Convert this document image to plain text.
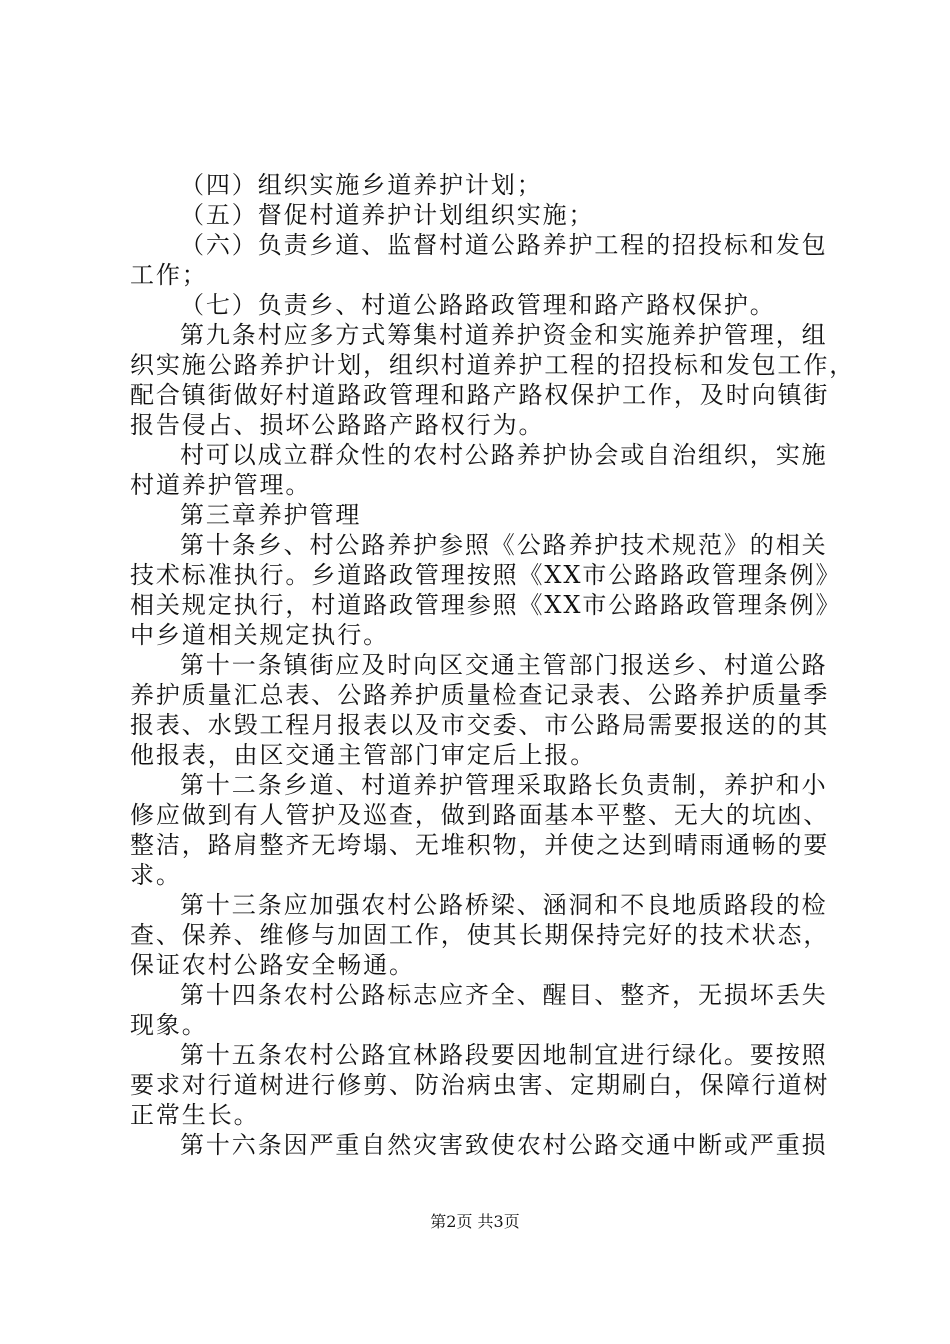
（四）组织实施乡道养护计划；
（五）督促村道养护计划组织实施；
（六）负责乡道、监督村道公路养护工程的招投标和发包
工作；
（七）负责乡、村道公路路政管理和路产路权保护。
第九条村应多方式筹集村道养护资金和实施养护管理，组
织实施公路养护计划，组织村道养护工程的招投标和发包工作，
配合镇街做好村道路政管理和路产路权保护工作，及时向镇街
报告侵占、损坏公路路产路权行为。
村可以成立群众性的农村公路养护协会或自治组织，实施
村道养护管理。
第三章养护管理
第十条乡、村公路养护参照《公路养护技术规范》的相关
技术标准执行。乡道路政管理按照《XX市公路路政管理条例》
相关规定执行，村道路政管理参照《XX市公路路政管理条例》
中乡道相关规定执行。
第十一条镇街应及时向区交通主管部门报送乡、村道公路
养护质量汇总表、公路养护质量检查记录表、公路养护质量季
报表、水毁工程月报表以及市交委、市公路局需要报送的的其
他报表，由区交通主管部门审定后上报。
第十二条乡道、村道养护管理采取路长负责制，养护和小
修应做到有人管护及巡查，做到路面基本平整、无大的坑凼、
整洁，路肩整齐无垮塌、无堆积物，并使之达到晴雨通畅的要
求。
第十三条应加强农村公路桥梁、涵洞和不良地质路段的检
查、保养、维修与加固工作，使其长期保持完好的技术状态，
保证农村公路安全畅通。
第十四条农村公路标志应齐全、醒目、整齐，无损坏丢失
现象。
第十五条农村公路宜林路段要因地制宜进行绿化。要按照
要求对行道树进行修剪、防治病虫害、定期刷白，保障行道树
正常生长。
第十六条因严重自然灾害致使农村公路交通中断或严重损
第2页 共3页
